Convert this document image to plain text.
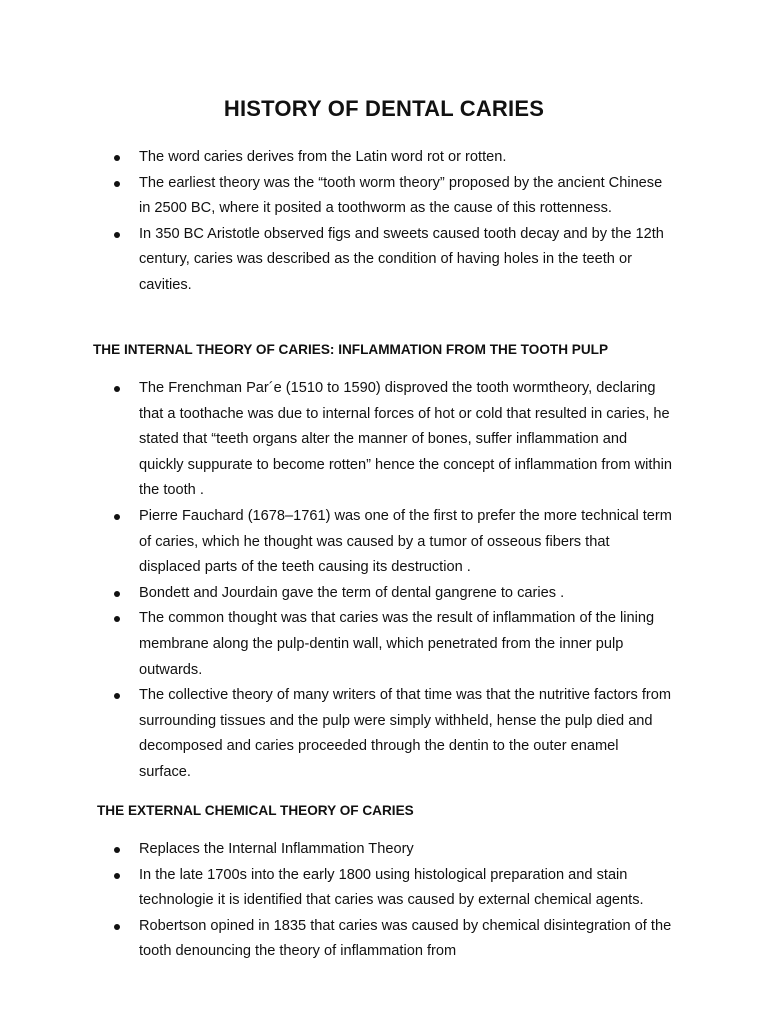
HISTORY OF DENTAL CARIES
The word caries derives from the Latin word rot or rotten.
The earliest theory was the “tooth worm theory” proposed by the ancient Chinese in 2500 BC, where it posited a toothworm as the cause of this rottenness.
In 350 BC Aristotle observed figs and sweets caused tooth decay and by the 12th century, caries was described as the condition of having holes in the teeth or cavities.
THE INTERNAL THEORY OF CARIES: INFLAMMATION FROM THE TOOTH PULP
The Frenchman Par´e (1510 to 1590) disproved the tooth wormtheory, declaring that a toothache was due to internal forces of hot or cold that resulted in caries, he stated that “teeth organs alter the manner of bones, suffer inflammation and quickly suppurate to become rotten” hence the concept of inflammation from within the tooth .
Pierre Fauchard (1678–1761) was one of the first to prefer the more technical term of caries, which he thought was caused by a tumor of osseous fibers that displaced parts of the teeth causing its destruction .
Bondett and Jourdain gave the term of dental gangrene to caries .
The common thought was that caries was the result of inflammation of the lining membrane along the pulp-dentin wall, which penetrated from the inner pulp outwards.
The collective theory of many writers of that time was that the nutritive factors from surrounding tissues and the pulp were simply withheld, hense the pulp died and decomposed and caries proceeded through the dentin to the outer enamel surface.
THE EXTERNAL CHEMICAL THEORY OF CARIES
Replaces the Internal Inflammation Theory
In the late 1700s into the early 1800 using histological preparation and stain technologie it is identified that caries was caused by external chemical agents.
Robertson opined in 1835 that caries was caused by chemical disintegration of the tooth denouncing the theory of inflammation from
